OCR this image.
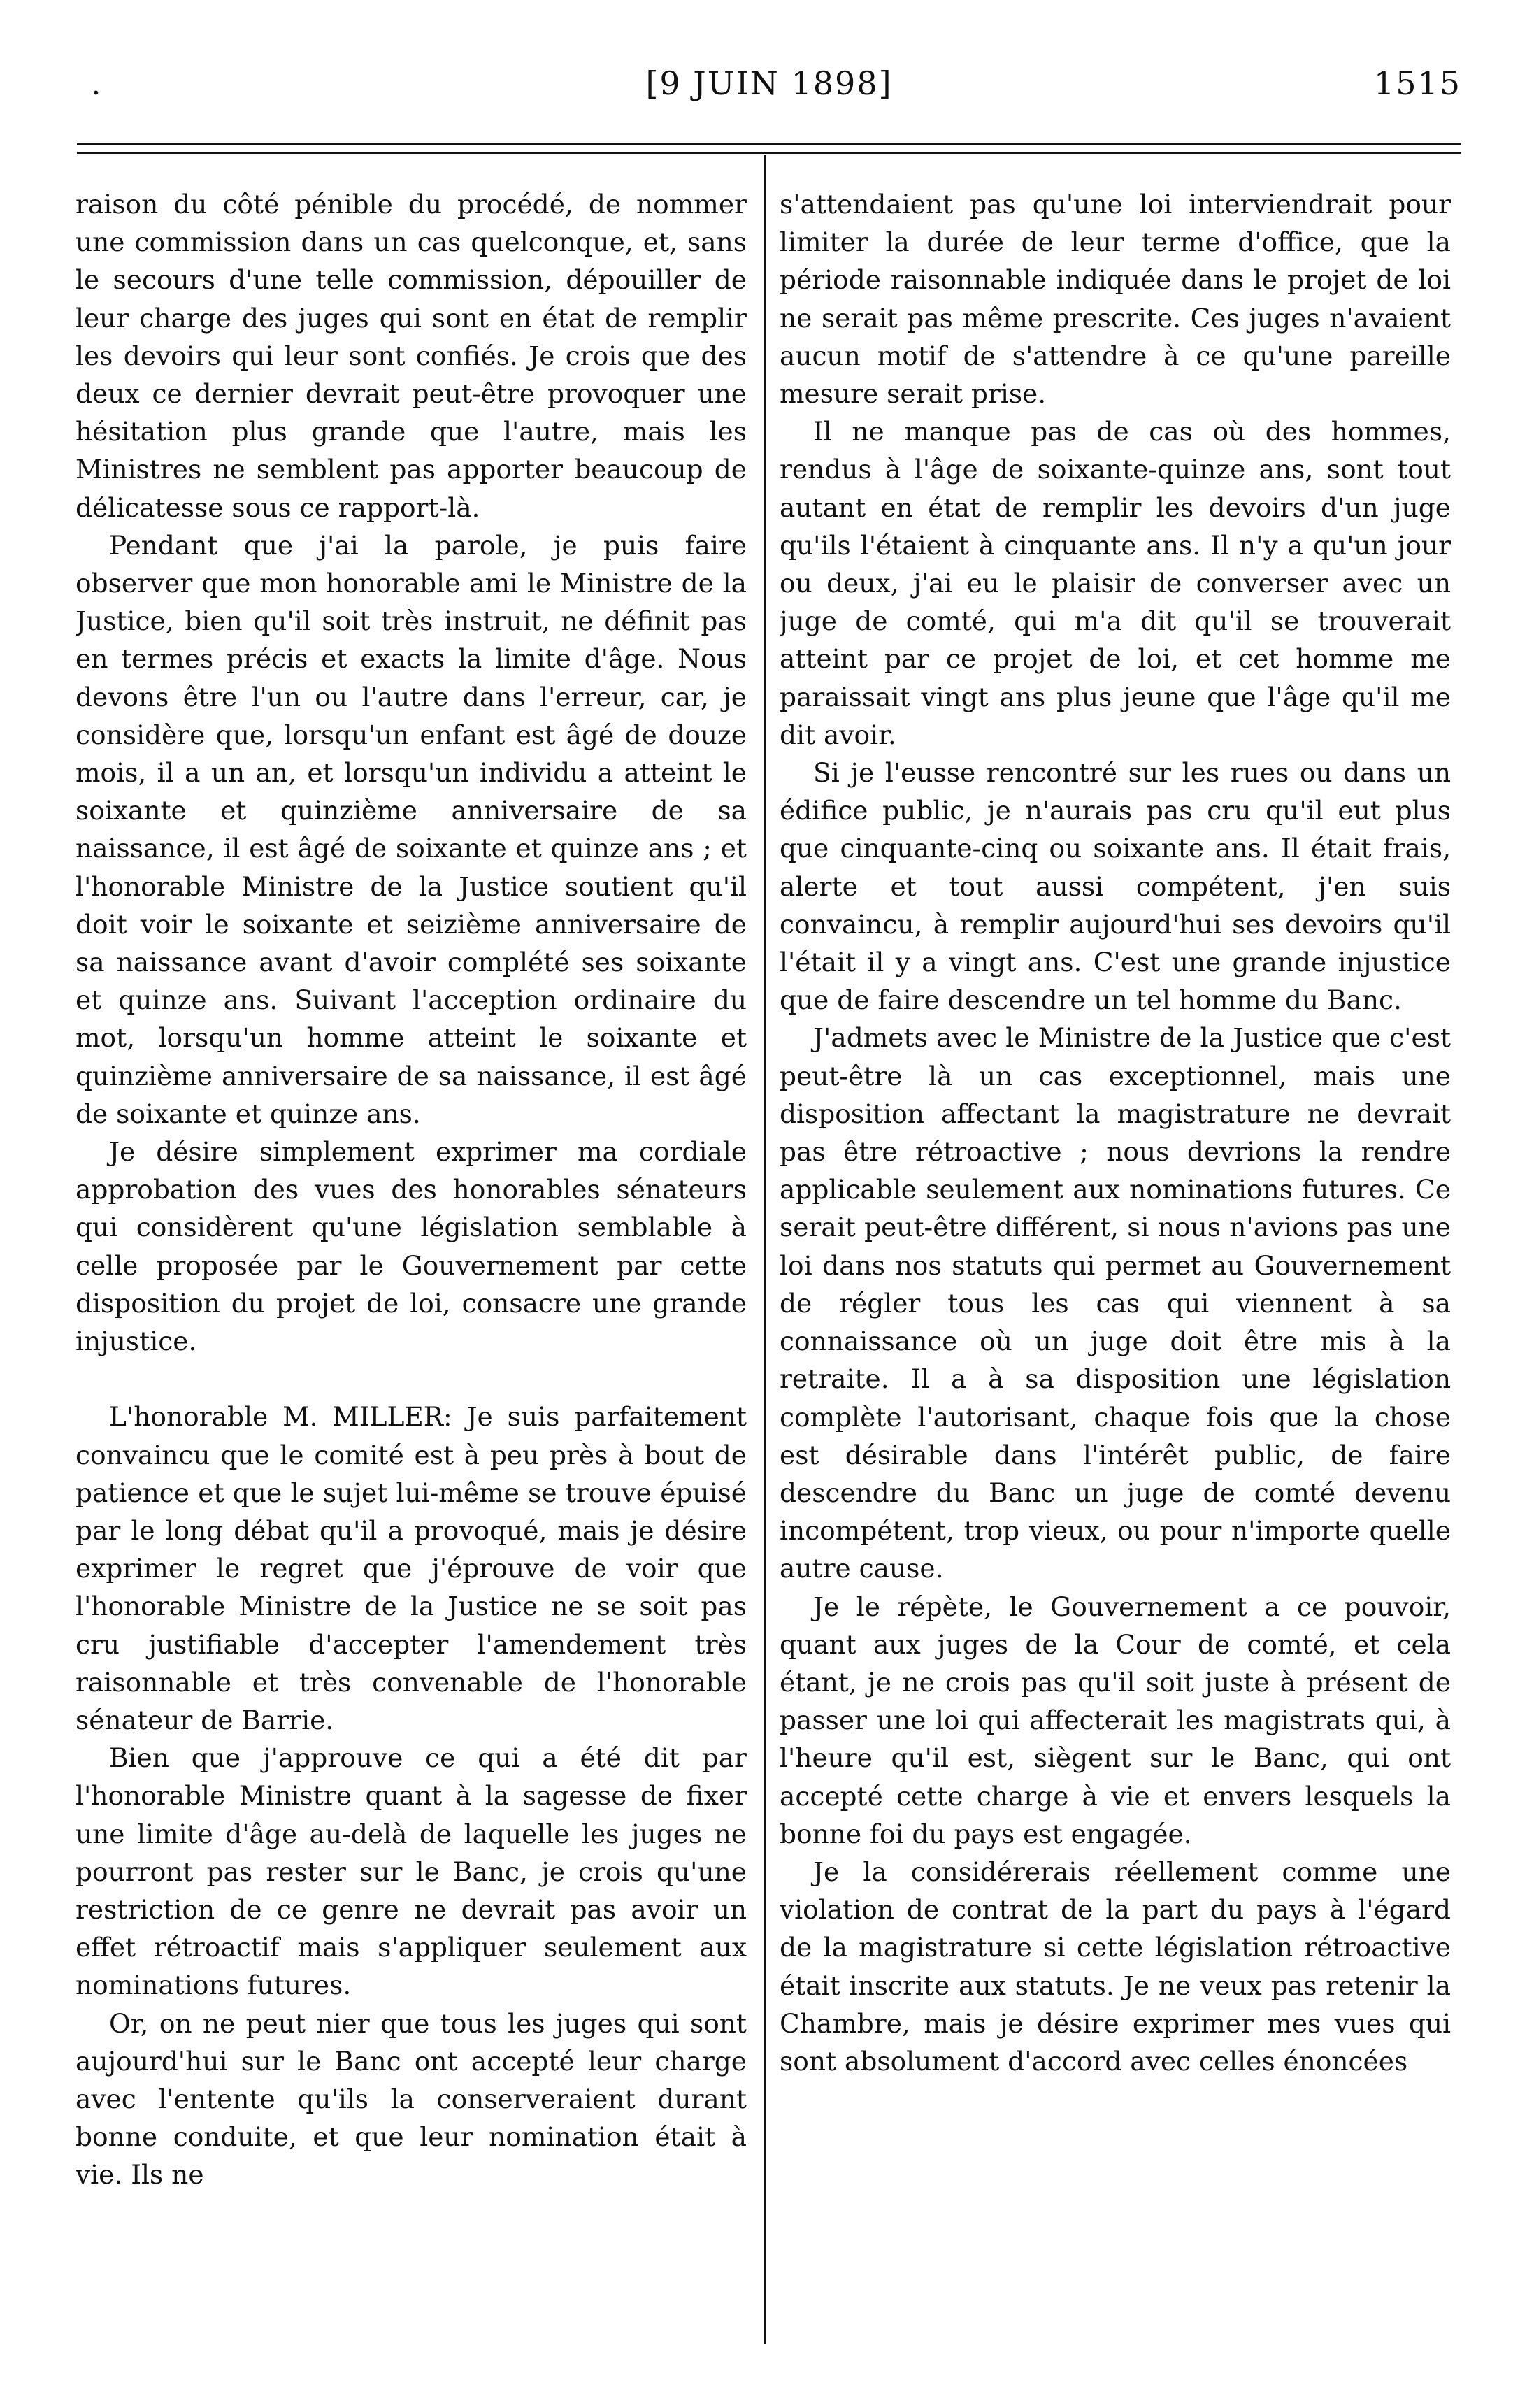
.	[9 JUIN 1898]	1515

raison du côté pénible du procédé, de nommer une commission dans un cas quelconque, et, sans le secours d'une telle commission, dépouiller de leur charge des juges qui sont en état de remplir les devoirs qui leur sont confiés. Je crois que des deux ce dernier devrait peut-être provoquer une hésitation plus grande que l'autre, mais les Ministres ne semblent pas apporter beaucoup de délicatesse sous ce rapport-là.

Pendant que j'ai la parole, je puis faire observer que mon honorable ami le Ministre de la Justice, bien qu'il soit très instruit, ne définit pas en termes précis et exacts la limite d'âge. Nous devons être l'un ou l'autre dans l'erreur, car, je considère que, lorsqu'un enfant est âgé de douze mois, il a un an, et lorsqu'un individu a atteint le soixante et quinzième anniversaire de sa naissance, il est âgé de soixante et quinze ans ; et l'honorable Ministre de la Justice soutient qu'il doit voir le soixante et seizième anniversaire de sa naissance avant d'avoir complété ses soixante et quinze ans. Suivant l'acception ordinaire du mot, lorsqu'un homme atteint le soixante et quinzième anniversaire de sa naissance, il est âgé de soixante et quinze ans.

Je désire simplement exprimer ma cordiale approbation des vues des honorables sénateurs qui considèrent qu'une législation semblable à celle proposée par le Gouvernement par cette disposition du projet de loi, consacre une grande injustice.

L'honorable M. MILLER: Je suis parfaitement convaincu que le comité est à peu près à bout de patience et que le sujet lui-même se trouve épuisé par le long débat qu'il a provoqué, mais je désire exprimer le regret que j'éprouve de voir que l'honorable Ministre de la Justice ne se soit pas cru justifiable d'accepter l'amendement très raisonnable et très convenable de l'honorable sénateur de Barrie.

Bien que j'approuve ce qui a été dit par l'honorable Ministre quant à la sagesse de fixer une limite d'âge au-delà de laquelle les juges ne pourront pas rester sur le Banc, je crois qu'une restriction de ce genre ne devrait pas avoir un effet rétroactif mais s'appliquer seulement aux nominations futures.

Or, on ne peut nier que tous les juges qui sont aujourd'hui sur le Banc ont accepté leur charge avec l'entente qu'ils la conserveraient durant bonne conduite, et que leur nomination était à vie. Ils ne

s'attendaient pas qu'une loi interviendrait pour limiter la durée de leur terme d'office, que la période raisonnable indiquée dans le projet de loi ne serait pas même prescrite. Ces juges n'avaient aucun motif de s'attendre à ce qu'une pareille mesure serait prise.

Il ne manque pas de cas où des hommes, rendus à l'âge de soixante-quinze ans, sont tout autant en état de remplir les devoirs d'un juge qu'ils l'étaient à cinquante ans. Il n'y a qu'un jour ou deux, j'ai eu le plaisir de converser avec un juge de comté, qui m'a dit qu'il se trouverait atteint par ce projet de loi, et cet homme me paraissait vingt ans plus jeune que l'âge qu'il me dit avoir.

Si je l'eusse rencontré sur les rues ou dans un édifice public, je n'aurais pas cru qu'il eut plus que cinquante-cinq ou soixante ans. Il était frais, alerte et tout aussi compétent, j'en suis convaincu, à remplir aujourd'hui ses devoirs qu'il l'était il y a vingt ans. C'est une grande injustice que de faire descendre un tel homme du Banc.

J'admets avec le Ministre de la Justice que c'est peut-être là un cas exceptionnel, mais une disposition affectant la magistrature ne devrait pas être rétroactive ; nous devrions la rendre applicable seulement aux nominations futures. Ce serait peut-être différent, si nous n'avions pas une loi dans nos statuts qui permet au Gouvernement de régler tous les cas qui viennent à sa connaissance où un juge doit être mis à la retraite. Il a à sa disposition une législation complète l'autorisant, chaque fois que la chose est désirable dans l'intérêt public, de faire descendre du Banc un juge de comté devenu incompétent, trop vieux, ou pour n'importe quelle autre cause.

Je le répète, le Gouvernement a ce pouvoir, quant aux juges de la Cour de comté, et cela étant, je ne crois pas qu'il soit juste à présent de passer une loi qui affecterait les magistrats qui, à l'heure qu'il est, siègent sur le Banc, qui ont accepté cette charge à vie et envers lesquels la bonne foi du pays est engagée.

Je la considérerais réellement comme une violation de contrat de la part du pays à l'égard de la magistrature si cette législation rétroactive était inscrite aux statuts. Je ne veux pas retenir la Chambre, mais je désire exprimer mes vues qui sont absolument d'accord avec celles énoncées
